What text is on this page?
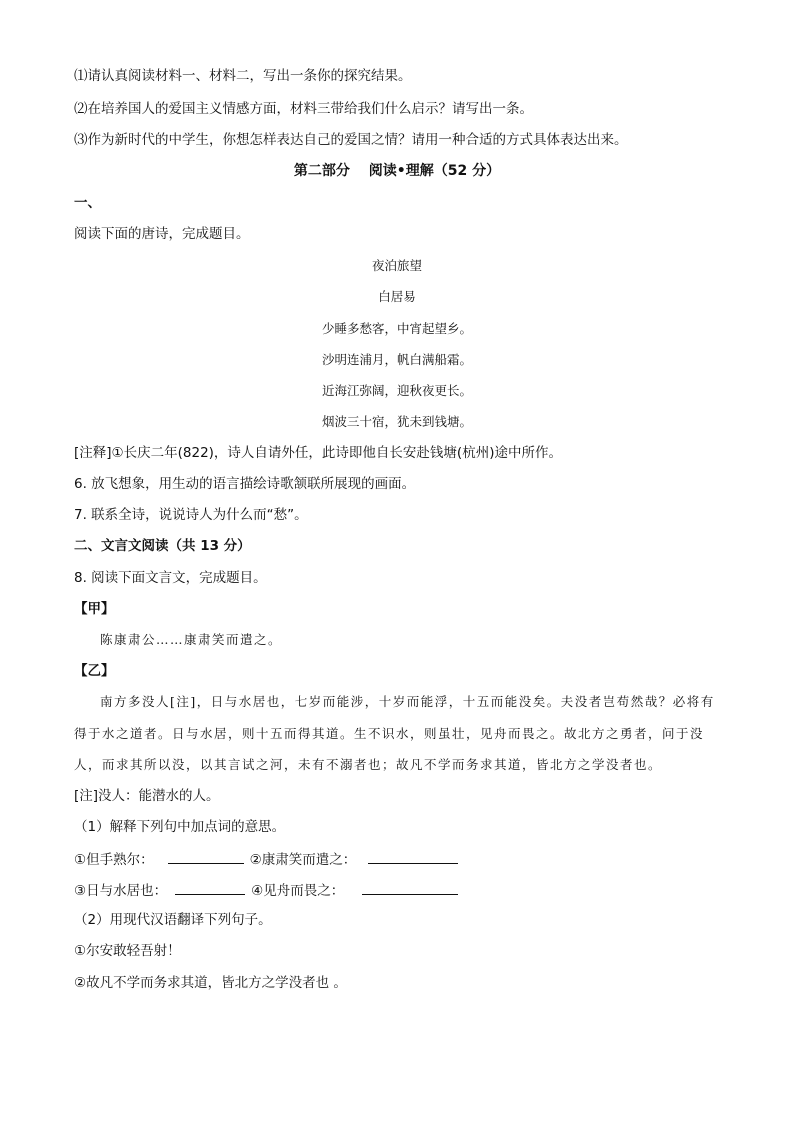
⑴请认真阅读材料一、材料二，写出一条你的探究结果。
⑵在培养国人的爱国主义情感方面，材料三带给我们什么启示？请写出一条。
⑶作为新时代的中学生，你想怎样表达自己的爱国之情？请用一种合适的方式具体表达出来。
第二部分　 阅读•理解（52 分）
一、
阅读下面的唐诗，完成题目。
夜泊旅望
白居易
少睡多愁客，中宵起望乡。
沙明连浦月，帆白满船霜。
近海江弥阔，迎秋夜更长。
烟波三十宿，犹未到钱塘。
[注释]①长庆二年(822)，诗人自请外任，此诗即他自长安赴钱塘(杭州)途中所作。
6. 放飞想象，用生动的语言描绘诗歌颔联所展现的画面。
7. 联系全诗，说说诗人为什么而“愁”。
二、文言文阅读（共 13 分）
8. 阅读下面文言文，完成题目。
【甲】
陈康肃公……康肃笑而遣之。
【乙】
南方多没人[注]，日与水居也，七岁而能涉，十岁而能浮，十五而能没矣。夫没者岂苟然哉？必将有
得于水之道者。日与水居，则十五而得其道。生不识水，则虽壮，见舟而畏之。故北方之勇者，问于没
人，而求其所以没，以其言试之河，未有不溺者也；故凡不学而务求其道，皆北方之学没者也。
[注]没人：能潜水的人。
（1）解释下列句中加点词的意思。
①但手熟尔：	②康肃笑而遣之：
③日与水居也：	④见舟而畏之：
（2）用现代汉语翻译下列句子。
①尔安敢轻吾射！
②故凡不学而务求其道，皆北方之学没者也 。
